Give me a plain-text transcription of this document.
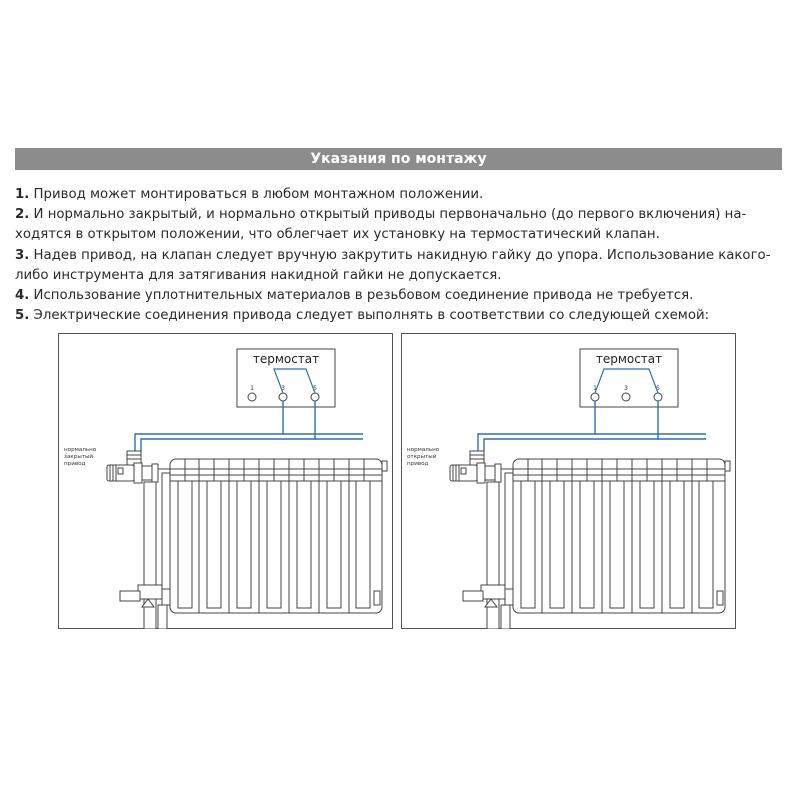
Указания по монтажу

1. Привод может монтироваться в любом монтажном положении.

2. И нормально закрытый, и нормально открытый приводы первоначально (до первого включения) на-

ходятся в открытом положении, что облегчает их установку на термостатический клапан.

3. Надев привод, на клапан следует вручную закрутить накидную гайку до упора. Использование какого-

либо инструмента для затягивания накидной гайки не допускается.

4. Использование уплотнительных материалов в резьбовом соединение привода не требуется.

5. Электрические соединения привода следует выполнять в соответствии со следующей схемой:

термостат
1	3	5
нормально
закрытый
привод
термостат
1	3	5
нормально
открытый
привод
